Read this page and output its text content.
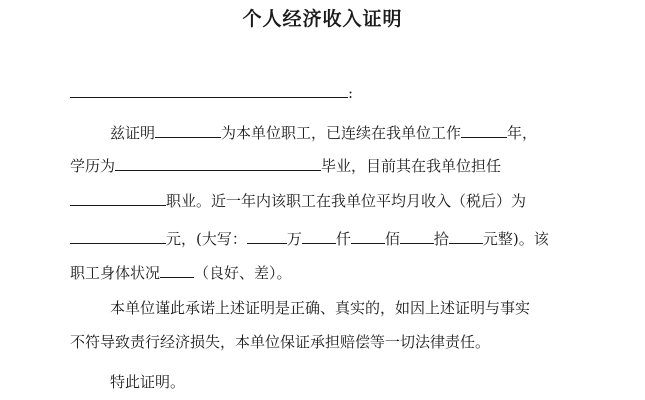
个人经济收入证明
:
兹证明	为本单位职工，已连续在我单位工作	年，
学历为	毕业，目前其在我单位担任
职业。近一年内该职工在我单位平均月收入（税后）为
元，(大写：	万 仟 佰 拾 元整)。该
职工身体状况 （良好、差）。
本单位谨此承诺上述证明是正确、真实的，如因上述证明与事实
不符导致责行经济损失，本单位保证承担赔偿等一切法律责任。
特此证明。
